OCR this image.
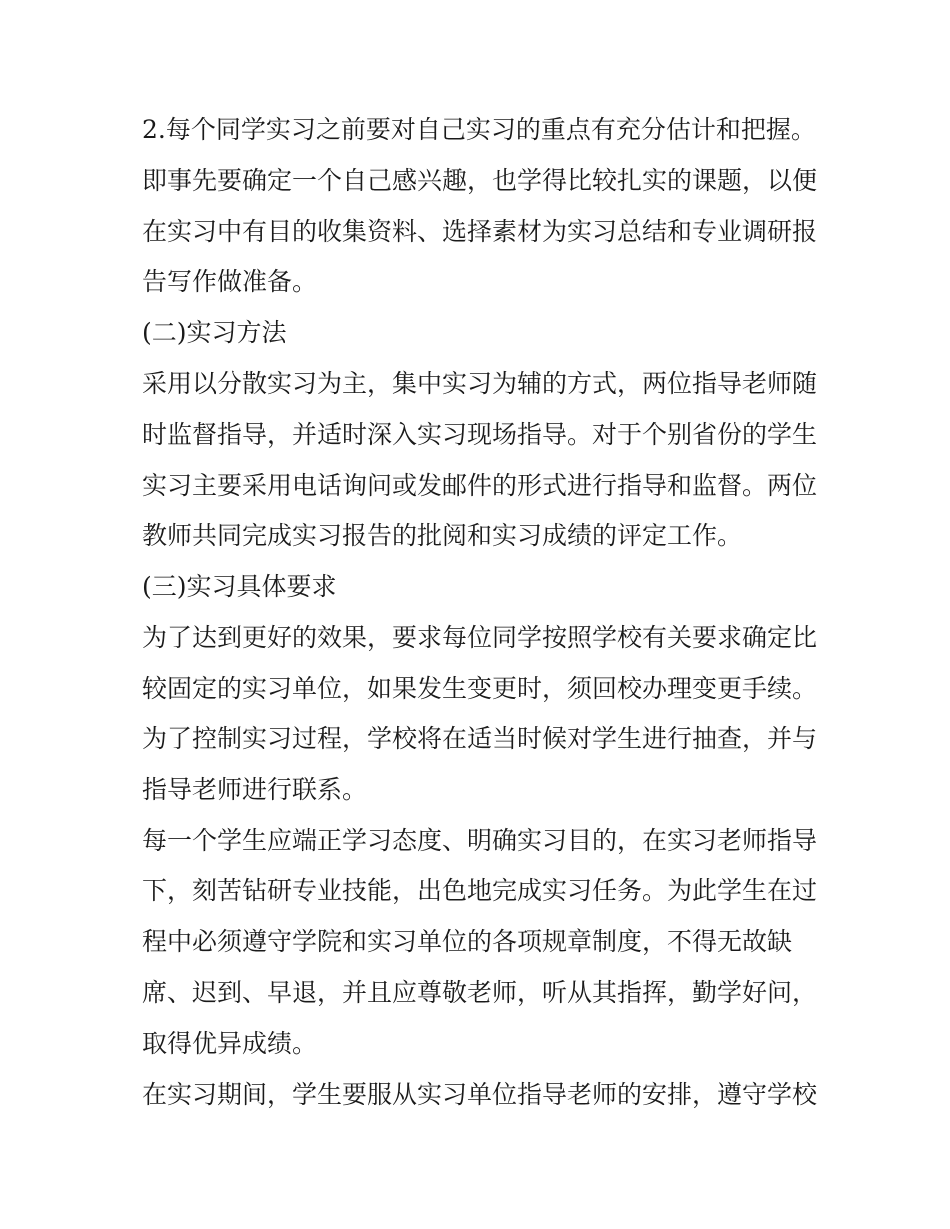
2.每个同学实习之前要对自己实习的重点有充分估计和把握。
即事先要确定一个自己感兴趣，也学得比较扎实的课题，以便
在实习中有目的收集资料、选择素材为实习总结和专业调研报
告写作做准备。
(二)实习方法
采用以分散实习为主，集中实习为辅的方式，两位指导老师随
时监督指导，并适时深入实习现场指导。对于个别省份的学生
实习主要采用电话询问或发邮件的形式进行指导和监督。两位
教师共同完成实习报告的批阅和实习成绩的评定工作。
(三)实习具体要求
为了达到更好的效果，要求每位同学按照学校有关要求确定比
较固定的实习单位，如果发生变更时，须回校办理变更手续。
为了控制实习过程，学校将在适当时候对学生进行抽查，并与
指导老师进行联系。
每一个学生应端正学习态度、明确实习目的，在实习老师指导
下，刻苦钻研专业技能，出色地完成实习任务。为此学生在过
程中必须遵守学院和实习单位的各项规章制度，不得无故缺
席、迟到、早退，并且应尊敬老师，听从其指挥，勤学好问，
取得优异成绩。
在实习期间，学生要服从实习单位指导老师的安排，遵守学校
